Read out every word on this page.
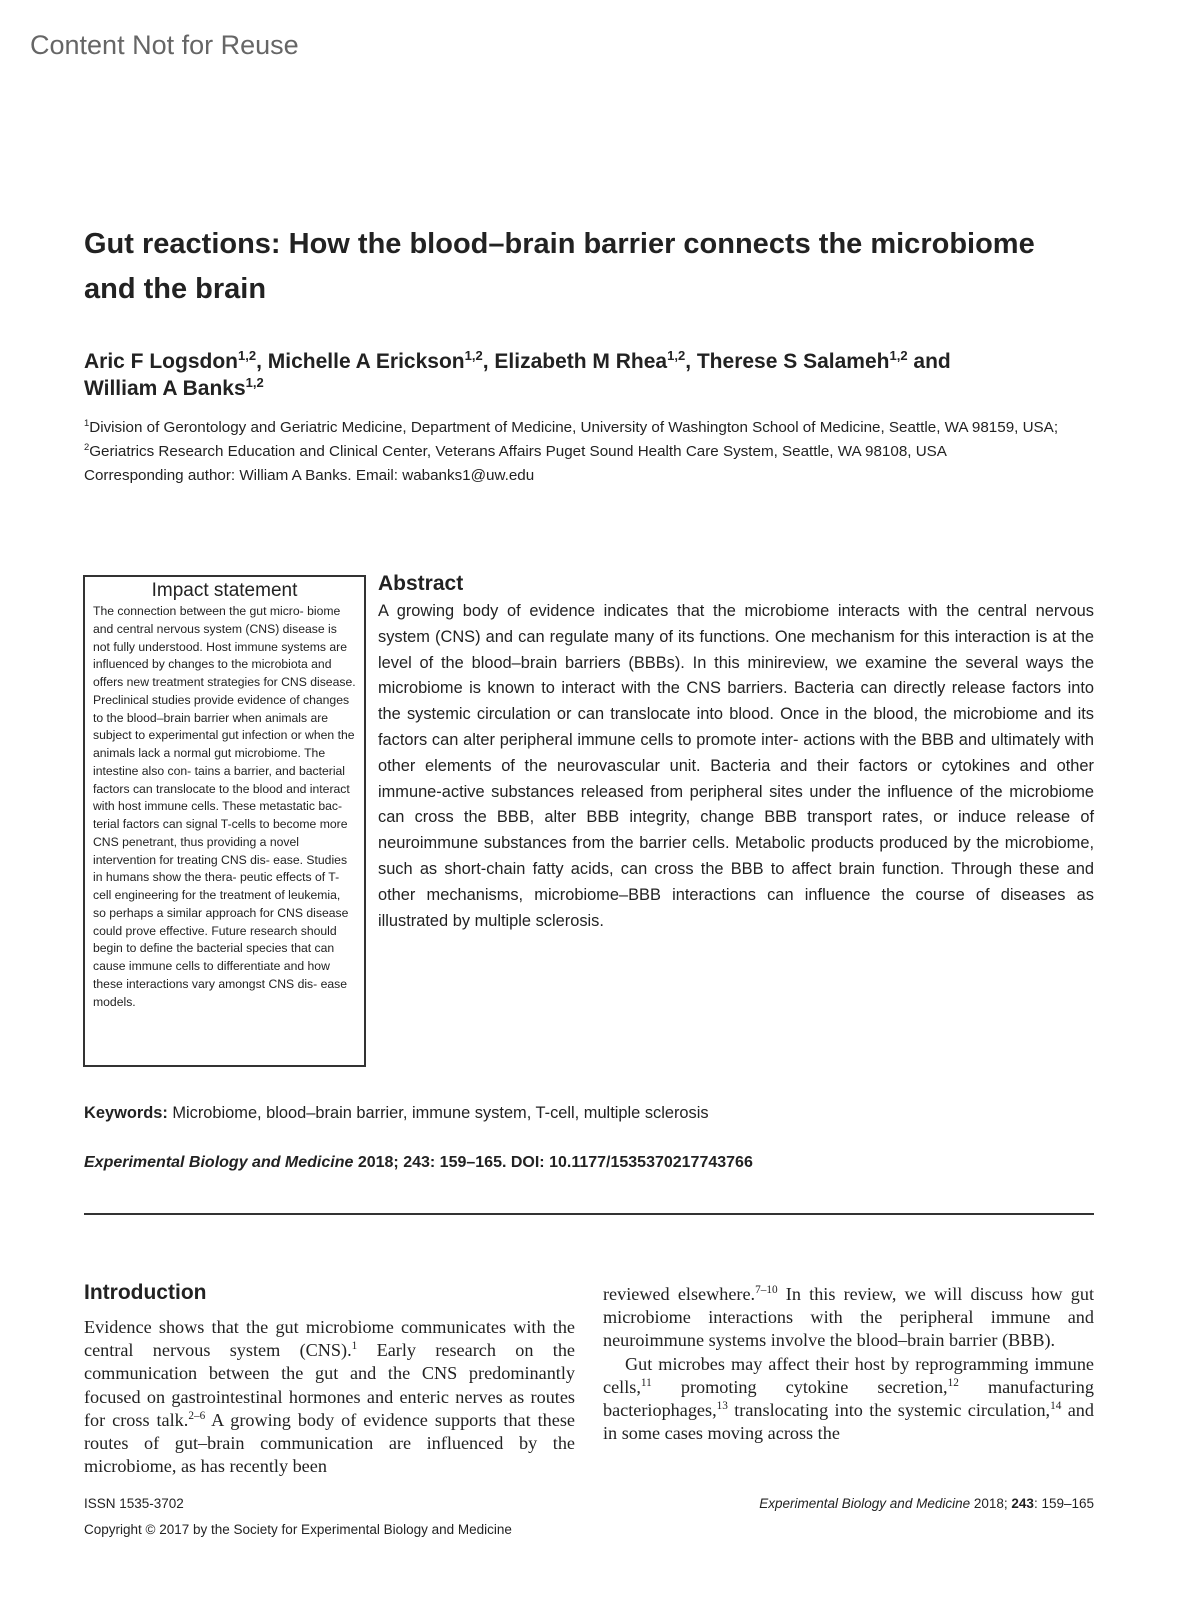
Content Not for Reuse
Gut reactions: How the blood–brain barrier connects the microbiome and the brain
Aric F Logsdon$^{1,2}$, Michelle A Erickson$^{1,2}$, Elizabeth M Rhea$^{1,2}$, Therese S Salameh$^{1,2}$ and
William A Banks$^{1,2}$
$^1$Division of Gerontology and Geriatric Medicine, Department of Medicine, University of Washington School of Medicine, Seattle, WA 98159, USA; $^2$Geriatrics Research Education and Clinical Center, Veterans Affairs Puget Sound Health Care System, Seattle, WA 98108, USA
Corresponding author: William A Banks. Email: wabanks1@uw.edu
Impact statement

The connection between the gut micro- biome and central nervous system (CNS) disease is not fully understood. Host immune systems are influenced by changes to the microbiota and offers new treatment strategies for CNS disease. Preclinical studies provide evidence of changes to the blood–brain barrier when animals are subject to experimental gut infection or when the animals lack a normal gut microbiome. The intestine also con- tains a barrier, and bacterial factors can translocate to the blood and interact with host immune cells. These metastatic bac- terial factors can signal T-cells to become more CNS penetrant, thus providing a novel intervention for treating CNS dis- ease. Studies in humans show the thera- peutic effects of T-cell engineering for the treatment of leukemia, so perhaps a similar approach for CNS disease could prove effective. Future research should begin to define the bacterial species that can cause immune cells to differentiate and how these interactions vary amongst CNS dis- ease models.

Abstract

A growing body of evidence indicates that the microbiome interacts with the central nervous system (CNS) and can regulate many of its functions. One mechanism for this interaction is at the level of the blood–brain barriers (BBBs). In this minireview, we examine the several ways the microbiome is known to interact with the CNS barriers. Bacteria can directly release factors into the systemic circulation or can translocate into blood. Once in the blood, the microbiome and its factors can alter peripheral immune cells to promote inter- actions with the BBB and ultimately with other elements of the neurovascular unit. Bacteria and their factors or cytokines and other immune-active substances released from peripheral sites under the influence of the microbiome can cross the BBB, alter BBB integrity, change BBB transport rates, or induce release of neuroimmune substances from the barrier cells. Metabolic products produced by the microbiome, such as short-chain fatty acids, can cross the BBB to affect brain function. Through these and other mechanisms, microbiome–BBB interactions can influence the course of diseases as illustrated by multiple sclerosis.

Keywords: Microbiome, blood–brain barrier, immune system, T-cell, multiple sclerosis
Experimental Biology and Medicine 2018; 243: 159–165. DOI: 10.1177/1535370217743766
Introduction

Evidence shows that the gut microbiome communicates with the central nervous system (CNS).$^1$ Early research on the communication between the gut and the CNS predominantly focused on gastrointestinal hormones and enteric nerves as routes for cross talk.$^{2-6}$ A growing body of evidence supports that these routes of gut–brain communication are influenced by the microbiome, as has recently been

reviewed elsewhere.$^{7-10}$ In this review, we will discuss how gut microbiome interactions with the peripheral immune and neuroimmune systems involve the blood–brain barrier (BBB).

Gut microbes may affect their host by reprogramming immune cells,$^{11}$ promoting cytokine secretion,$^{12}$ manufacturing bacteriophages,$^{13}$ translocating into the systemic circulation,$^{14}$ and in some cases moving across the

ISSN 1535-3702	Experimental Biology and Medicine 2018; 243: 159–165
Copyright © 2017 by the Society for Experimental Biology and Medicine
